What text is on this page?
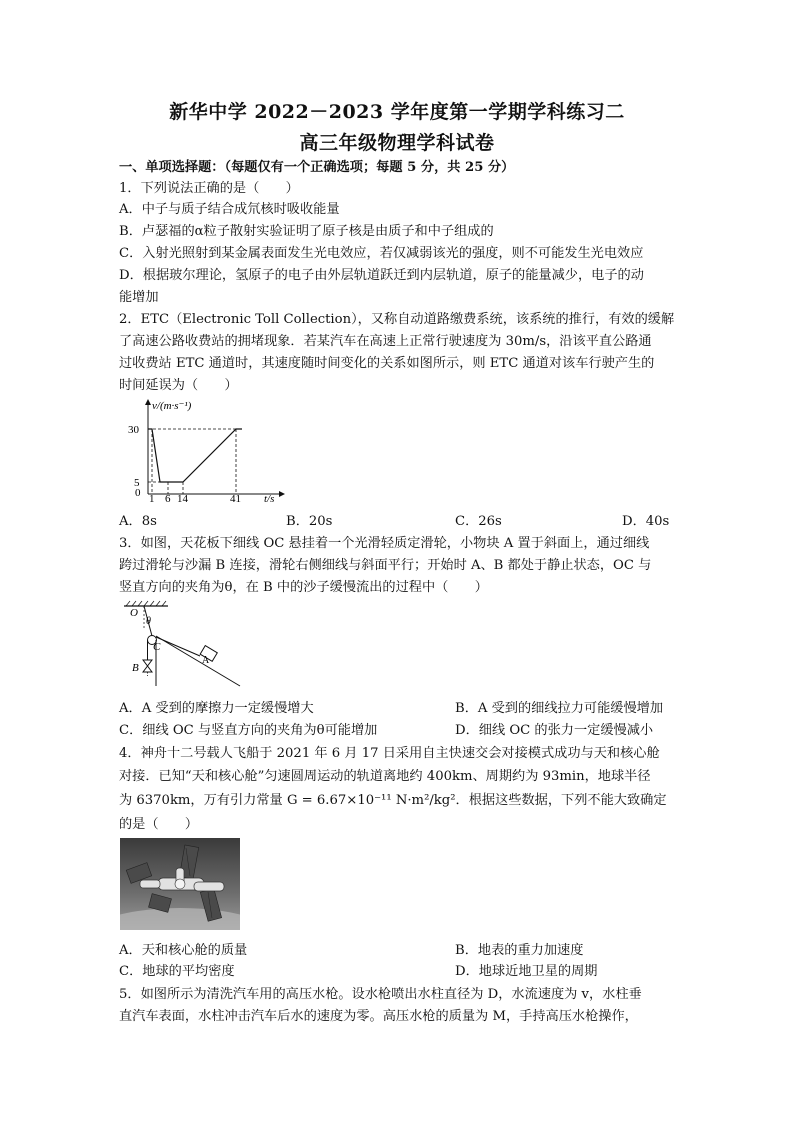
新华中学 2022－2023 学年度第一学期学科练习二
高三年级物理学科试卷
一、单项选择题：（每题仅有一个正确选项；每题 5 分，共 25 分）
1．下列说法正确的是（　　）
A．中子与质子结合成氘核时吸收能量
B．卢瑟福的α粒子散射实验证明了原子核是由质子和中子组成的
C．入射光照射到某金属表面发生光电效应，若仅减弱该光的强度，则不可能发生光电效应
D．根据玻尔理论，氢原子的电子由外层轨道跃迁到内层轨道，原子的能量减少，电子的动
能增加
2．ETC（Electronic Toll Collection），又称自动道路缴费系统，该系统的推行，有效的缓解
了高速公路收费站的拥堵现象．若某汽车在高速上正常行驶速度为 30m/s，沿该平直公路通
过收费站 ETC 通道时，其速度随时间变化的关系如图所示，则 ETC 通道对该车行驶产生的
时间延误为（　　）
v/(m·s⁻¹)
t/s
30
5
0 1 6 14	41
A．8s	B．20s	C．26s	D．40s
3．如图，天花板下细线 OC 悬挂着一个光滑轻质定滑轮，小物块 A 置于斜面上，通过细线
跨过滑轮与沙漏 B 连接，滑轮右侧细线与斜面平行；开始时 A、B 都处于静止状态，OC 与
竖直方向的夹角为θ，在 B 中的沙子缓慢流出的过程中（　　）
O
θ
C
B
A
A．A 受到的摩擦力一定缓慢增大	B．A 受到的细线拉力可能缓慢增加
C．细线 OC 与竖直方向的夹角为θ可能增加	D．细线 OC 的张力一定缓慢减小
4．神舟十二号载人飞船于 2021 年 6 月 17 日采用自主快速交会对接模式成功与天和核心舱
对接．已知“天和核心舱”匀速圆周运动的轨道离地约 400km、周期约为 93min，地球半径
为 6370km，万有引力常量 G = 6.67×10⁻¹¹ N·m²/kg²．根据这些数据，下列不能大致确定
的是（　　）
A．天和核心舱的质量	B．地表的重力加速度
C．地球的平均密度	D．地球近地卫星的周期
5．如图所示为清洗汽车用的高压水枪。设水枪喷出水柱直径为 D，水流速度为 v，水柱垂
直汽车表面，水柱冲击汽车后水的速度为零。高压水枪的质量为 M，手持高压水枪操作，
